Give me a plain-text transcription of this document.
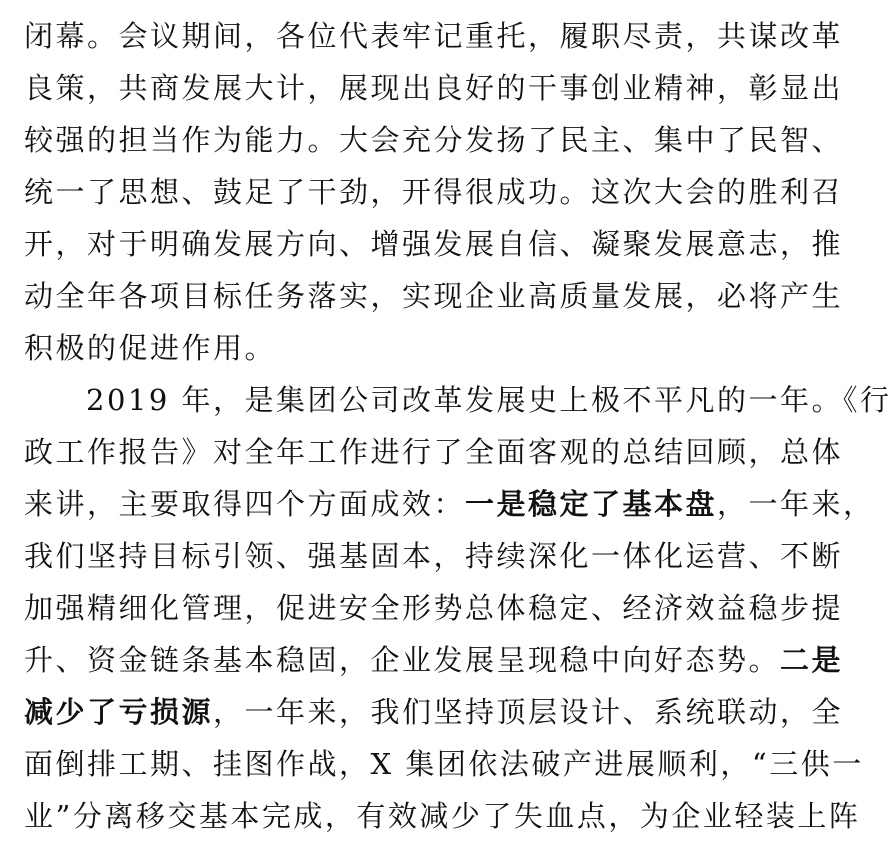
闭幕。会议期间，各位代表牢记重托，履职尽责，共谋改革
良策，共商发展大计，展现出良好的干事创业精神，彰显出
较强的担当作为能力。大会充分发扬了民主、集中了民智、
统一了思想、鼓足了干劲，开得很成功。这次大会的胜利召
开，对于明确发展方向、增强发展自信、凝聚发展意志，推
动全年各项目标任务落实，实现企业高质量发展，必将产生
积极的促进作用。
2019 年，是集团公司改革发展史上极不平凡的一年。《行
政工作报告》对全年工作进行了全面客观的总结回顾，总体
来讲，主要取得四个方面成效：一是稳定了基本盘，一年来，
我们坚持目标引领、强基固本，持续深化一体化运营、不断
加强精细化管理，促进安全形势总体稳定、经济效益稳步提
升、资金链条基本稳固，企业发展呈现稳中向好态势。二是
减少了亏损源，一年来，我们坚持顶层设计、系统联动，全
面倒排工期、挂图作战，X 集团依法破产进展顺利，“三供一
业”分离移交基本完成，有效减少了失血点，为企业轻装上阵
